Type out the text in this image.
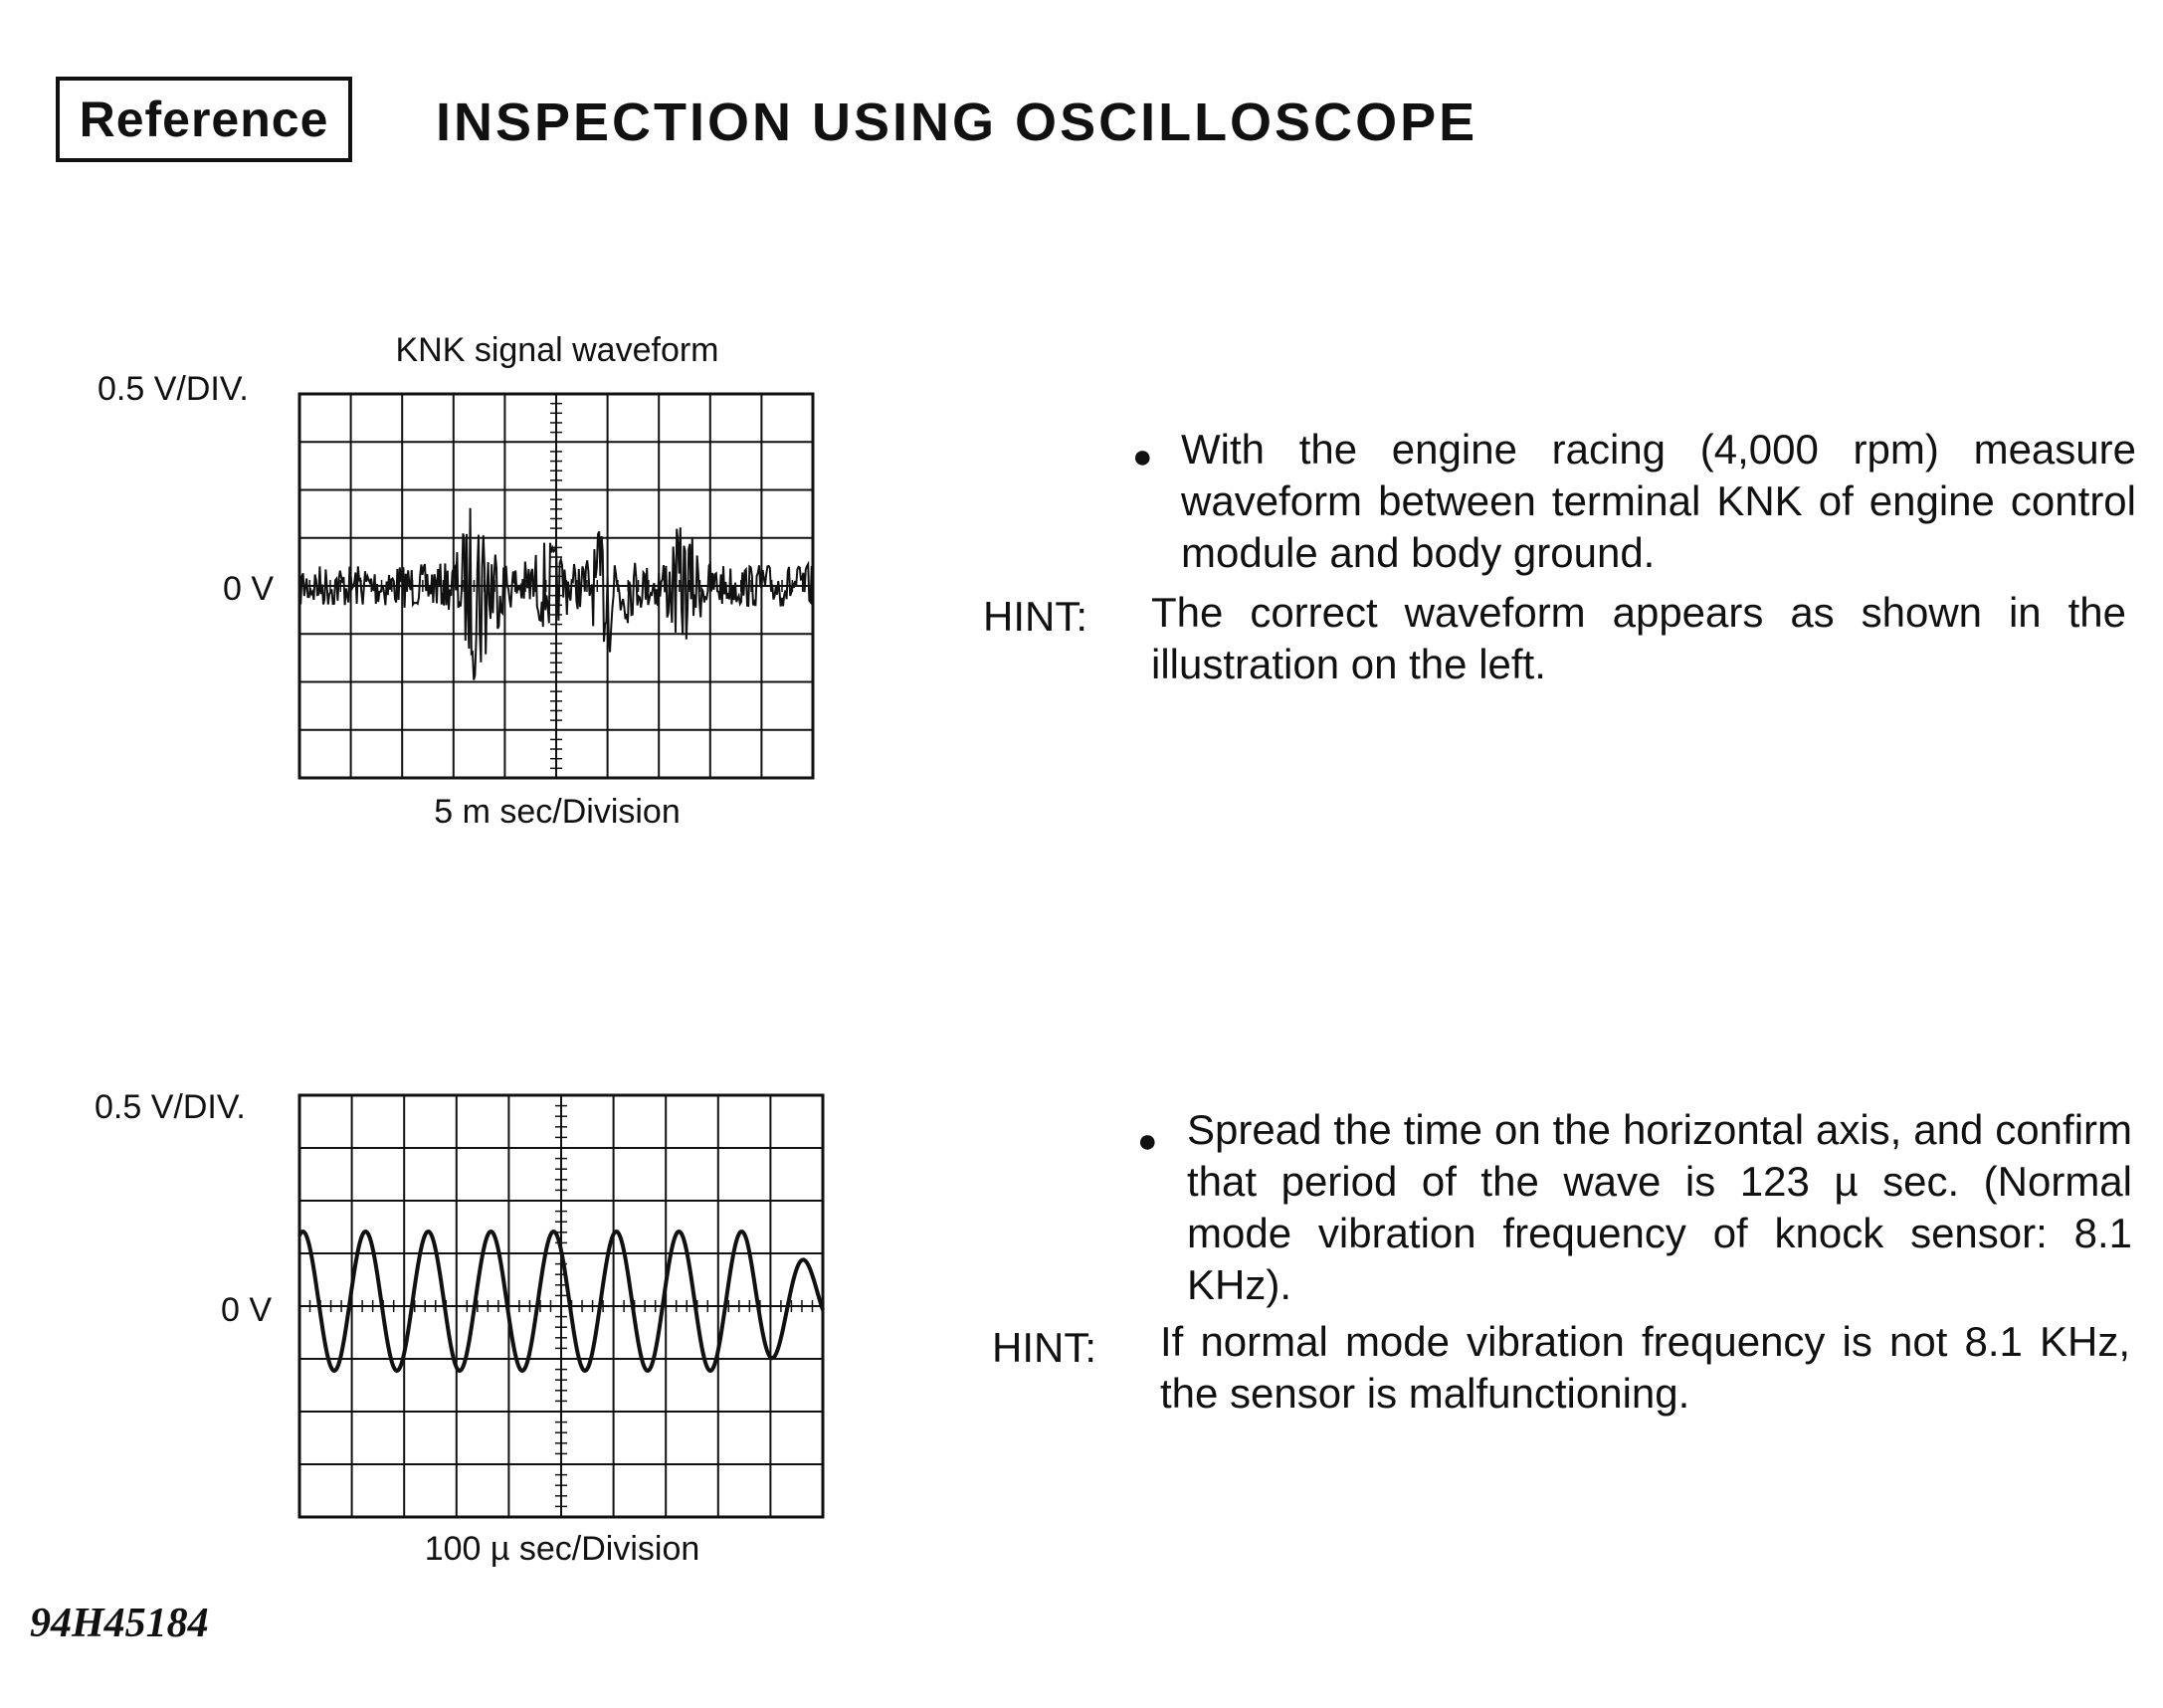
Reference	INSPECTION USING OSCILLOSCOPE
KNK signal waveform
0.5 V/DIV.
0 V
5 m sec/Division
0.5 V/DIV.
0 V
100 µ sec/Division
● With the engine racing (4,000 rpm) measure waveform between terminal KNK of engine control module and body ground.
HINT: The correct waveform appears as shown in the illustration on the left.
● Spread the time on the horizontal axis, and confirm that period of the wave is 123 µ sec. (Normal mode vibration frequency of knock sensor: 8.1 KHz).
HINT: If normal mode vibration frequency is not 8.1 KHz, the sensor is malfunctioning.
94H45184
